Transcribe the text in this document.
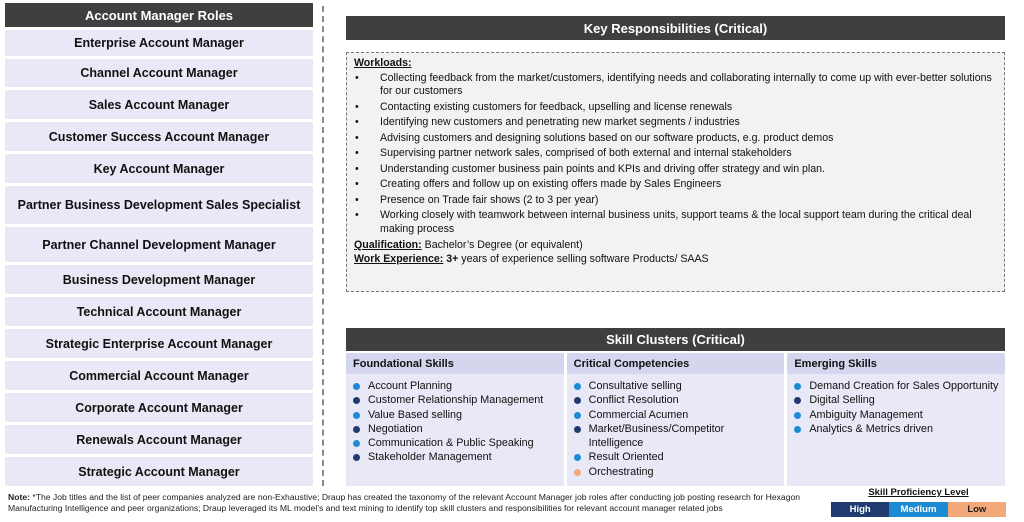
Account Manager Roles
Enterprise Account Manager
Channel Account Manager
Sales Account Manager
Customer Success Account Manager
Key Account Manager
Partner Business Development Sales Specialist
Partner Channel Development Manager
Business Development Manager
Technical Account Manager
Strategic Enterprise Account Manager
Commercial Account Manager
Corporate Account Manager
Renewals Account Manager
Strategic Account Manager
Key Responsibilities (Critical)
Workloads:
• Collecting feedback from the market/customers, identifying needs and collaborating internally to come up with ever-better solutions for our customers
• Contacting existing customers for feedback, upselling and license renewals
• Identifying new customers and penetrating new market segments / industries
• Advising customers and designing solutions based on our software products, e.g. product demos
• Supervising partner network sales, comprised of both external and internal stakeholders
• Understanding customer business pain points and KPIs and driving offer strategy and win plan.
• Creating offers and follow up on existing offers made by Sales Engineers
• Presence on Trade fair shows (2 to 3 per year)
• Working closely with teamwork between internal business units, support teams & the local support team during the critical deal making process
Qualification: Bachelor’s Degree (or equivalent)
Work Experience: 3+ years of experience selling software Products/ SAAS
Skill Clusters (Critical)
Foundational Skills
Account Planning
Customer Relationship Management
Value Based selling
Negotiation
Communication & Public Speaking
Stakeholder Management
Critical Competencies
Consultative selling
Conflict Resolution
Commercial Acumen
Market/Business/Competitor Intelligence
Result Oriented
Orchestrating
Emerging Skills
Demand Creation for Sales Opportunity
Digital Selling
Ambiguity Management
Analytics & Metrics driven
Note: *The Job titles and the list of peer companies analyzed are non-Exhaustive; Draup has created the taxonomy of the relevant Account Manager job roles after conducting job posting research for Hexagon Manufacturing Intelligence and peer organizations; Draup leveraged its ML model’s and text mining to identify top skill clusters and responsibilities for relevant account manager related jobs
Skill Proficiency Level
High	Medium	Low
